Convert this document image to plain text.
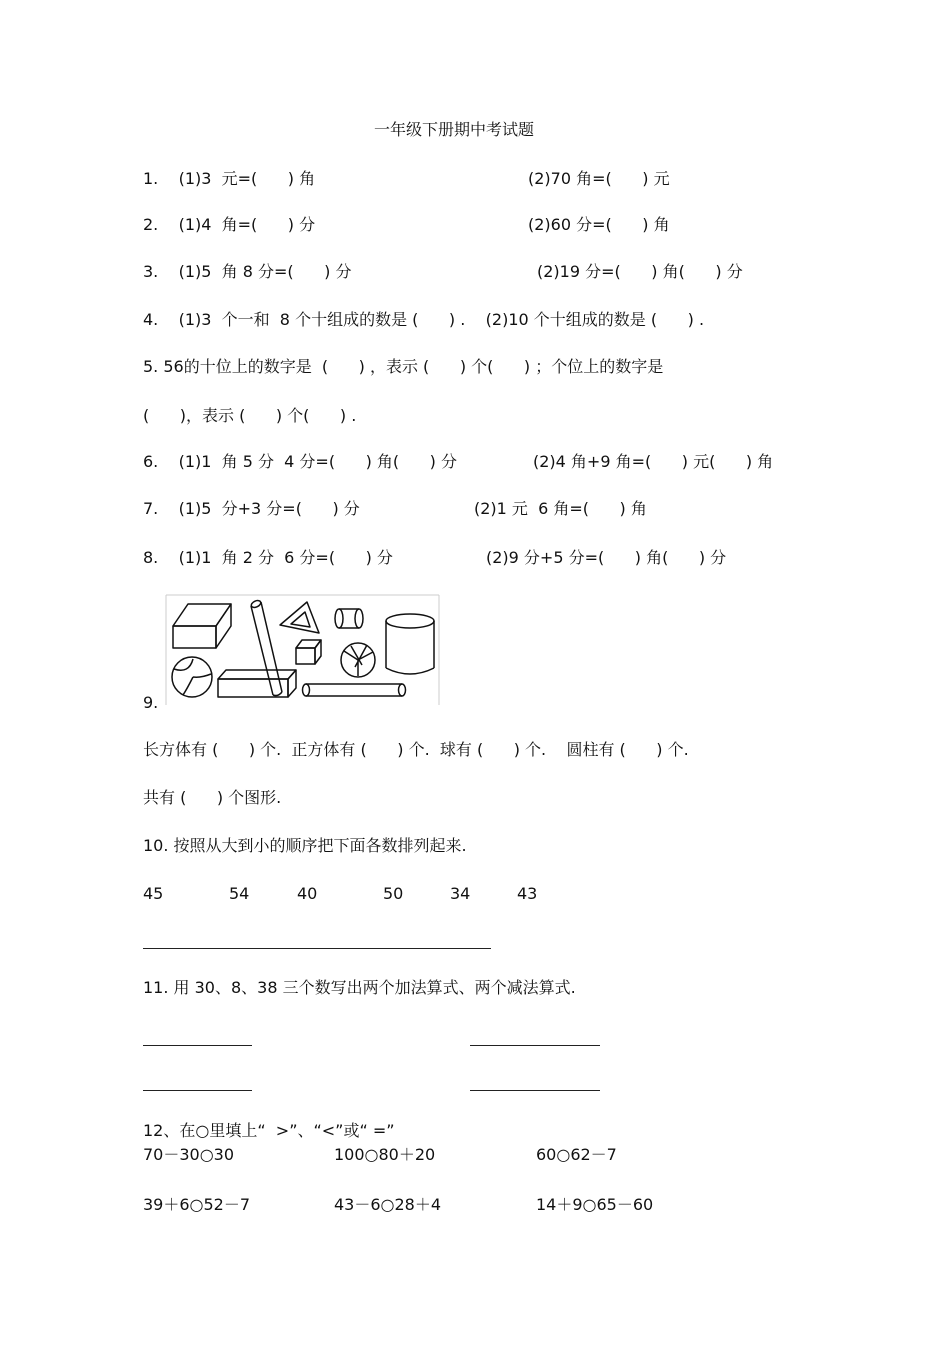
一年级下册期中考试题
1.    (1)3  元=(      ) 角	(2)70 角=(      ) 元
2.    (1)4  角=(      ) 分	(2)60 分=(      ) 角
3.    (1)5  角 8 分=(      ) 分	(2)19 分=(      ) 角(      ) 分
4.    (1)3  个一和  8 个十组成的数是 (      ) .    (2)10 个十组成的数是 (      ) .
5. 56的十位上的数字是  (      ) ，表示 (      ) 个(      ) ；个位上的数字是
(      )，表示 (      ) 个(      ) .
6.    (1)1  角 5 分  4 分=(      ) 角(      ) 分	(2)4 角+9 角=(      ) 元(      ) 角
7.    (1)5  分+3 分=(      ) 分	(2)1 元  6 角=(      ) 角
8.    (1)1  角 2 分  6 分=(      ) 分	(2)9 分+5 分=(      ) 角(      ) 分
9.
长方体有 (      ) 个.  正方体有 (      ) 个.  球有 (      ) 个.    圆柱有 (      ) 个.
共有 (      ) 个图形.
10. 按照从大到小的顺序把下面各数排列起来.
45	54	40	50	34	43
11. 用 30、8、38 三个数写出两个加法算式、两个减法算式.
12、在○里填上“  >”、“<”或“ =”
70－30○30	100○80＋20	60○62－7
39＋6○52－7	43－6○28＋4	14＋9○65－60
